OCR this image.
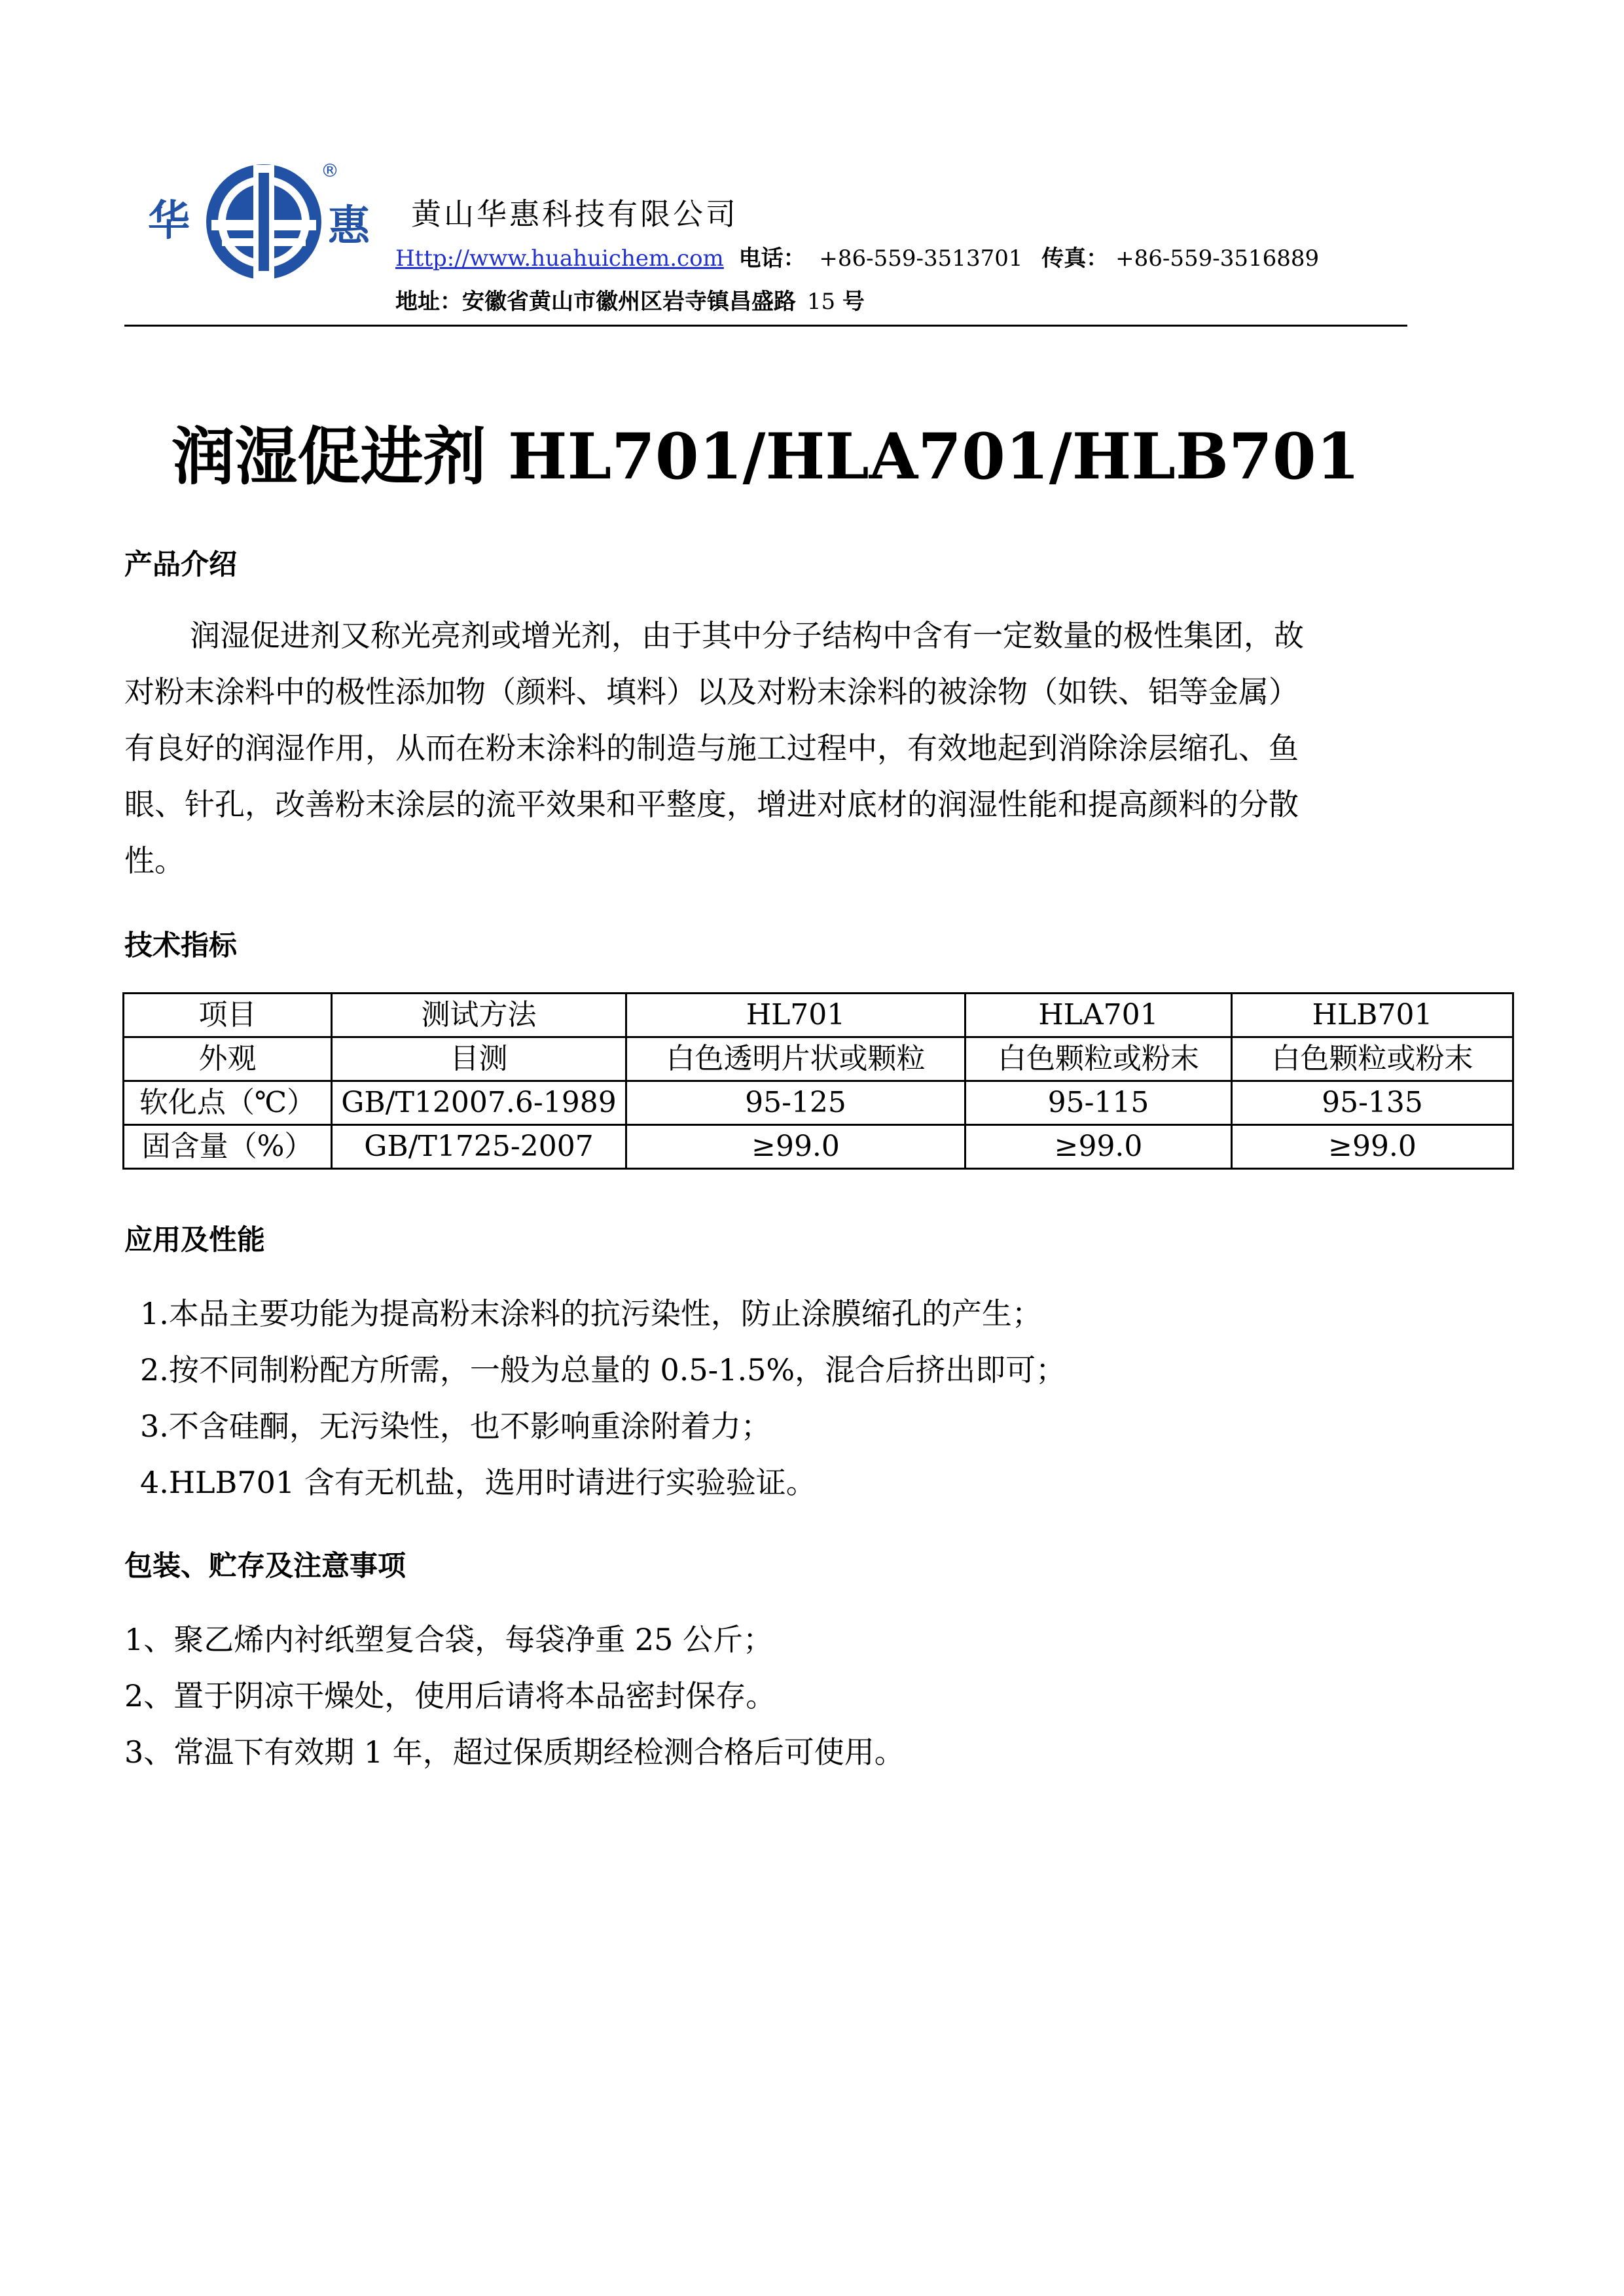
华
®
惠 黄山华惠科技有限公司
Http://www.huahuichem.com 电话： +86-559-3513701 传真： +86-559-3516889
地址：安徽省黄山市徽州区岩寺镇昌盛路 15 号
润湿促进剂 HL701/HLA701/HLB701
产品介绍
润湿促进剂又称光亮剂或增光剂，由于其中分子结构中含有一定数量的极性集团，故
对粉末涂料中的极性添加物（颜料、填料）以及对粉末涂料的被涂物（如铁、铝等金属）
有良好的润湿作用，从而在粉末涂料的制造与施工过程中，有效地起到消除涂层缩孔、鱼
眼、针孔，改善粉末涂层的流平效果和平整度，增进对底材的润湿性能和提高颜料的分散
性。
技术指标
项目	测试方法	HL701	HLA701	HLB701
外观	目测	白色透明片状或颗粒	白色颗粒或粉末	白色颗粒或粉末
软化点（℃）	GB/T12007.6-1989	95-125	95-115	95-135
固含量（%）	GB/T1725-2007	≥99.0	≥99.0	≥99.0
应用及性能
1.本品主要功能为提高粉末涂料的抗污染性，防止涂膜缩孔的产生；
2.按不同制粉配方所需，一般为总量的 0.5-1.5%，混合后挤出即可；
3.不含硅酮，无污染性，也不影响重涂附着力；
4.HLB701 含有无机盐，选用时请进行实验验证。
包装、贮存及注意事项
1、聚乙烯内衬纸塑复合袋，每袋净重 25 公斤；
2、置于阴凉干燥处，使用后请将本品密封保存。
3、常温下有效期 1 年，超过保质期经检测合格后可使用。
